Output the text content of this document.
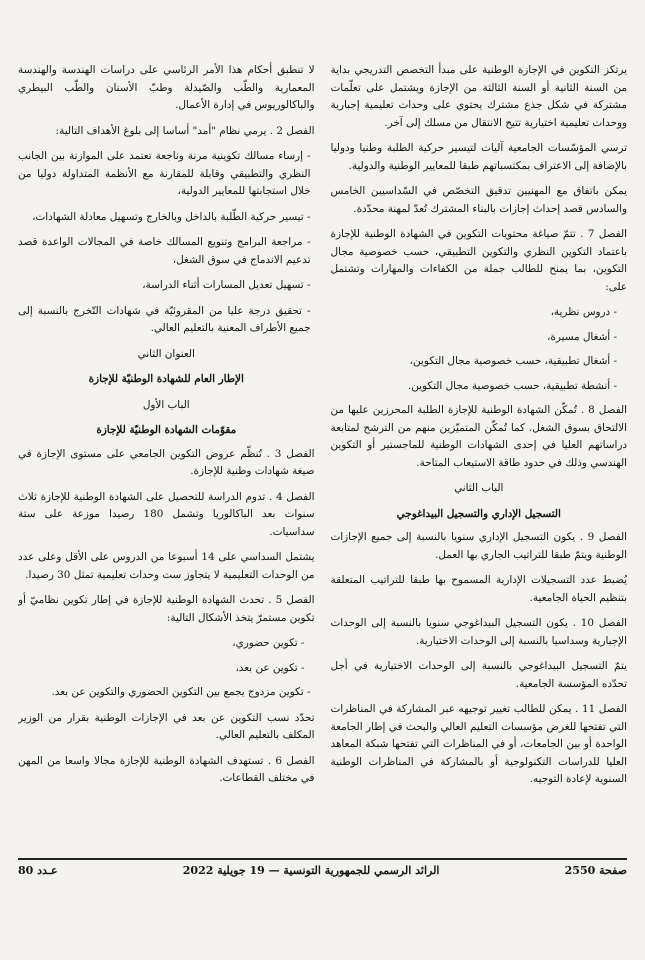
لا تنطبق أحكام هذا الأمر الرئاسي على دراسات الهندسة والهندسة المعمارية والطّب والصّيدلة وطبّ الأسنان والطّب البيطري والباكالوريوس في إدارة الأعمال.

الفصل 2 . يرمي نظام "أمد" أساسا إلى بلوغ الأهداف التالية:

- إرساء مسالك تكوينية مرنة وناجعة تعتمد على الموازنة بين الجانب النظري والتطبيقي وقابلة للمقارنة مع الأنظمة المتداولة دوليا من خلال استجابتها للمعايير الدولية،

- تيسير حركية الطّلبة بالداخل وبالخارج وتسهيل معادلة الشهادات،

- مراجعة البرامج وتنويع المسالك خاصة في المجالات الواعدة قصد تدعيم الاندماج في سوق الشغل،

- تسهيل تعديل المسارات أثناء الدراسة،

- تحقيق درجة عليا من المقروئيّة في شهادات التّخرج بالنسبة إلى جميع الأطراف المعنية بالتعليم العالي.

العنوان الثاني

الإطار العام للشهادة الوطنيّة للإجازة

الباب الأول

مقوّمات الشهادة الوطنيّة للإجازة

الفصل 3 . تُنظّم عروض التكوين الجامعي على مستوى الإجازة في صيغة شهادات وطنية للإجازة.

الفصل 4 . تدوم الدراسة للتحصيل على الشهادة الوطنية للإجازة ثلاث سنوات بعد الباكالوريا وتشمل 180 رصيدا موزعة على ستة سداسيات.

يشتمل السداسي على 14 أسبوعا من الدروس على الأقل وعلى عدد من الوحدات التعليمية لا يتجاوز ست وحدات تعليمية تمثل 30 رصيدا.

الفصل 5 . تحدث الشهادة الوطنية للإجازة في إطار تكوين نظاميّ أو تكوين مستمرّ يتخذ الأشكال التالية:

- تكوين حضوري،

- تكوين عن بعد،

- تكوين مزدوج يجمع بين التكوين الحضوري والتكوين عن بعد.

تحدّد نسب التكوين عن بعد في الإجازات الوطنية بقرار من الوزير المكلف بالتعليم العالي.

الفصل 6 . تستهدف الشهادة الوطنية للإجازة مجالا واسعا من المهن في مختلف القطاعات.

يرتكز التكوين في الإجازة الوطنية على مبدأ التخصص التدريجي بداية من السنة الثانية أو السنة الثالثة من الإجازة ويشتمل على تعلّمات مشتركة في شكل جذع مشترك يحتوي على وحدات تعليمية إجبارية ووحدات تعليمية اختيارية تتيح الانتقال من مسلك إلى آخر.

ترسي المؤسّسات الجامعية آليات لتيسير حركية الطلبة وطنيا ودوليا بالإضافة إلى الاعتراف بمكتسباتهم طبقا للمعايير الوطنية والدولية.

يمكن باتفاق مع المهنيين تدقيق التخصّص في السّداسيين الخامس والسادس قصد إحداث إجازات بالبناء المشترك تُعدّ لمهنة محدّدة.

الفصل 7 . تتمّ صياغة محتويات التكوين في الشهادة الوطنية للإجازة باعتماد التكوين النظري والتكوين التطبيقي، حسب خصوصية مجال التكوين، بما يمنح للطالب جملة من الكفاءات والمهارات وتشتمل على:

- دروس نظرية،

- أشغال مسيرة،

- أشغال تطبيقية، حسب خصوصية مجال التكوين،

- أنشطة تطبيقية، حسب خصوصية مجال التكوين.

الفصل 8 . تُمكّن الشهادة الوطنية للإجازة الطلبة المحرزين عليها من الالتحاق بسوق الشغل. كما تُمكّن المتميّزين منهم من الترشح لمتابعة دراساتهم العليا في إحدى الشهادات الوطنية للماجستير أو التكوين الهندسي وذلك في حدود طاقة الاستيعاب المتاحة.

الباب الثاني

التسجيل الإداري والتسجيل البيداغوجي

الفصل 9 . يكون التسجيل الإداري سنويا بالنسبة إلى جميع الإجازات الوطنية ويتمّ طبقا للتراتيب الجاري بها العمل.

يُضبط عدد التسجيلات الإدارية المسموح بها طبقا للتراتيب المتعلقة بتنظيم الحياة الجامعية.

الفصل 10 . يكون التسجيل البيداغوجي سنويا بالنسبة إلى الوحدات الإجبارية وسداسيا بالنسبة إلى الوحدات الاختيارية.

يتمّ التسجيل البيداغوجي بالنسبة إلى الوحدات الاختيارية في أجل تحدّده المؤسسة الجامعية.

الفصل 11 . يمكن للطالب تغيير توجيهه عبر المشاركة في المناظرات التي تفتحها للغرض مؤسسات التعليم العالي والبحث في إطار الجامعة الواحدة أو بين الجامعات، أو في المناظرات التي تفتحها شبكة المعاهد العليا للدراسات التكنولوجية أو بالمشاركة في المناظرات الوطنية السنوية لإعادة التوجيه.

صفحة 2550
الرائد الرسمي للجمهورية التونسية — 19 جويلية 2022
عـدد 80
